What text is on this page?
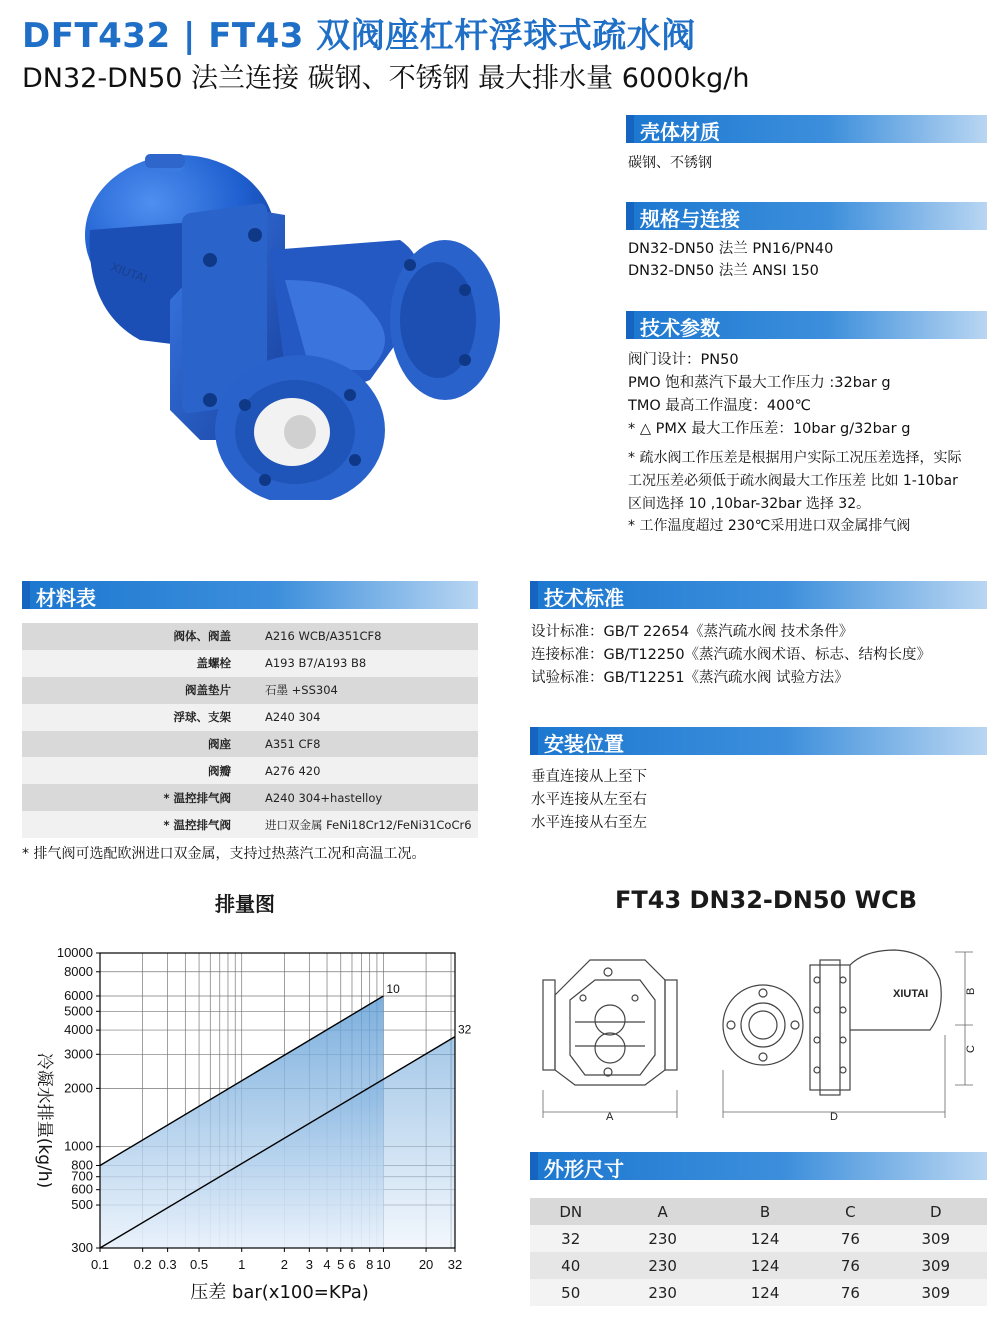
DFT432 | FT43 双阀座杠杆浮球式疏水阀
DN32-DN50 法兰连接 碳钢、不锈钢 最大排水量 6000kg/h
XIUTAI
壳体材质
碳钢、不锈钢
规格与连接
DN32-DN50 法兰 PN16/PN40
DN32-DN50 法兰 ANSI 150
技术参数
阀门设计：PN50
PMO 饱和蒸汽下最大工作压力 :32bar g
TMO 最高工作温度：400℃
* △ PMX 最大工作压差：10bar g/32bar g
* 疏水阀工作压差是根据用户实际工况压差选择，实际
工况压差必须低于疏水阀最大工作压差 比如 1-10bar
区间选择 10 ,10bar-32bar 选择 32。
* 工作温度超过 230℃采用进口双金属排气阀
材料表
阀体、阀盖	A216 WCB/A351CF8
盖螺栓	A193 B7/A193 B8
阀盖垫片	石墨 +SS304
浮球、支架	A240 304
阀座	A351 CF8
阀瓣	A276 420
* 温控排气阀	A240 304+hastelloy
* 温控排气阀	进口双金属 FeNi18Cr12/FeNi31CoCr6
* 排气阀可选配欧洲进口双金属，支持过热蒸汽工况和高温工况。
技术标准
设计标准：GB/T 22654《蒸汽疏水阀 技术条件》
连接标准：GB/T12250《蒸汽疏水阀术语、标志、结构长度》
试验标准：GB/T12251《蒸汽疏水阀 试验方法》
安装位置
垂直连接从上至下
水平连接从左至右
水平连接从右至左
排量图
10
32
0.1 0.2 0.3 0.5 1	2 3 4 5 6 8 10 20 32
300
500
600
700
800
1000
2000
3000
4000
5000
6000
8000
10000
压差 bar(x100=KPa)
冷凝水排量(kg/h)
FT43 DN32-DN50 WCB
XIUTAI
A
B
C
D
外形尺寸
DN	A	B	C	D
32	230	124	76	309
40	230	124	76	309
50	230	124	76	309
